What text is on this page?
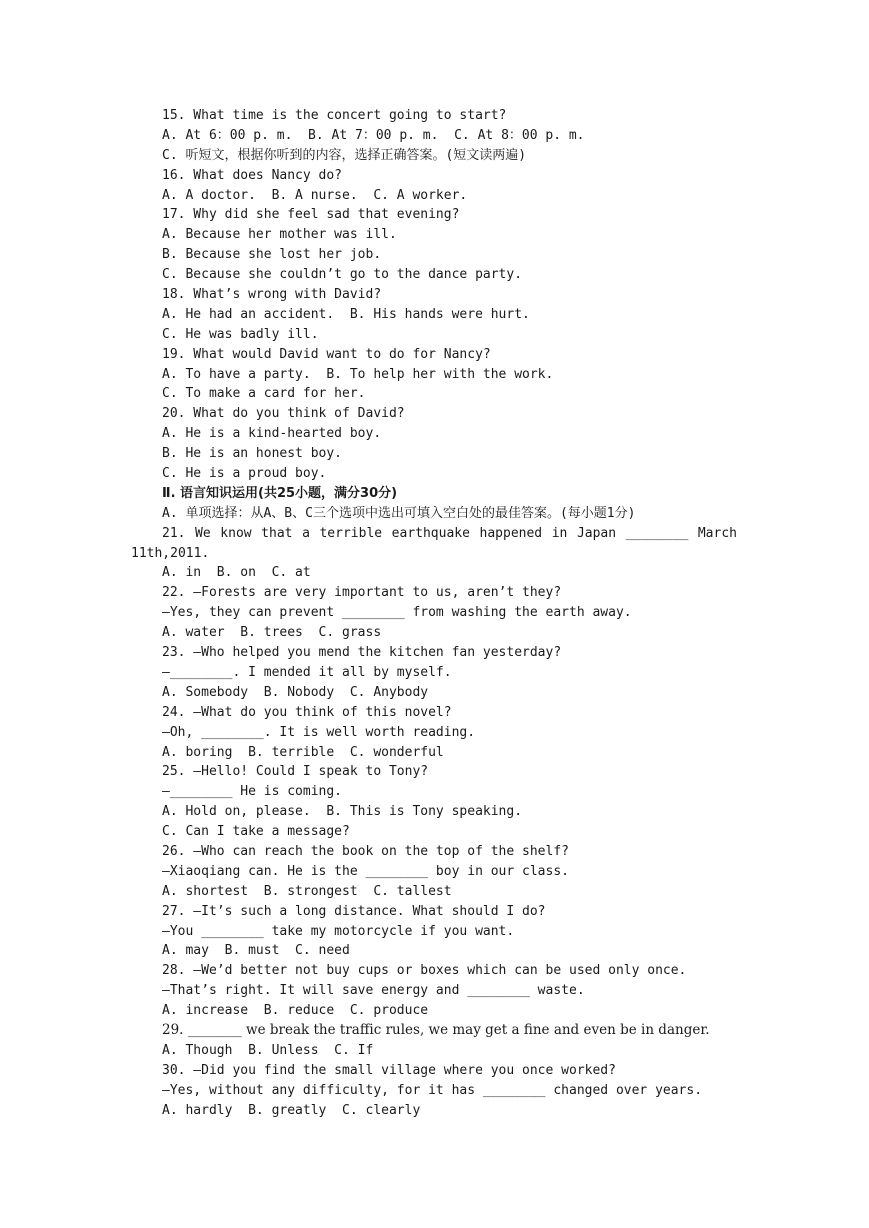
15. What time is the concert going to start?
A. At 6：00 p. m.  B. At 7：00 p. m.  C. At 8：00 p. m.
C. 听短文，根据你听到的内容，选择正确答案。(短文读两遍)
16. What does Nancy do?
A. A doctor.  B. A nurse.  C. A worker.
17. Why did she feel sad that evening?
A. Because her mother was ill.
B. Because she lost her job.
C. Because she couldn’t go to the dance party.
18. What’s wrong with David?
A. He had an accident.  B. His hands were hurt.
C. He was badly ill.
19. What would David want to do for Nancy?
A. To have a party.  B. To help her with the work.
C. To make a card for her.
20. What do you think of David?
A. He is a kind-hearted boy.
B. He is an honest boy.
C. He is a proud boy.
Ⅱ. 语言知识运用(共25小题，满分30分)
A. 单项选择：从A、B、C三个选项中选出可填入空白处的最佳答案。(每小题1分)
21. We know that a terrible earthquake happened in Japan ________ March
11th,2011.
A. in  B. on  C. at
22. —Forests are very important to us, aren’t they?
—Yes, they can prevent ________ from washing the earth away.
A. water  B. trees  C. grass
23. —Who helped you mend the kitchen fan yesterday?
—________. I mended it all by myself.
A. Somebody  B. Nobody  C. Anybody
24. —What do you think of this novel?
—Oh, ________. It is well worth reading.
A. boring  B. terrible  C. wonderful
25. —Hello! Could I speak to Tony?
—________ He is coming.
A. Hold on, please.  B. This is Tony speaking.
C. Can I take a message?
26. —Who can reach the book on the top of the shelf?
—Xiaoqiang can. He is the ________ boy in our class.
A. shortest  B. strongest  C. tallest
27. —It’s such a long distance. What should I do?
—You ________ take my motorcycle if you want.
A. may  B. must  C. need
28. —We’d better not buy cups or boxes which can be used only once.
—That’s right. It will save energy and ________ waste.
A. increase  B. reduce  C. produce
29. ________ we break the traffic rules, we may get a fine and even be in danger.
A. Though  B. Unless  C. If
30. —Did you find the small village where you once worked?
—Yes, without any difficulty, for it has ________ changed over years.
A. hardly  B. greatly  C. clearly
